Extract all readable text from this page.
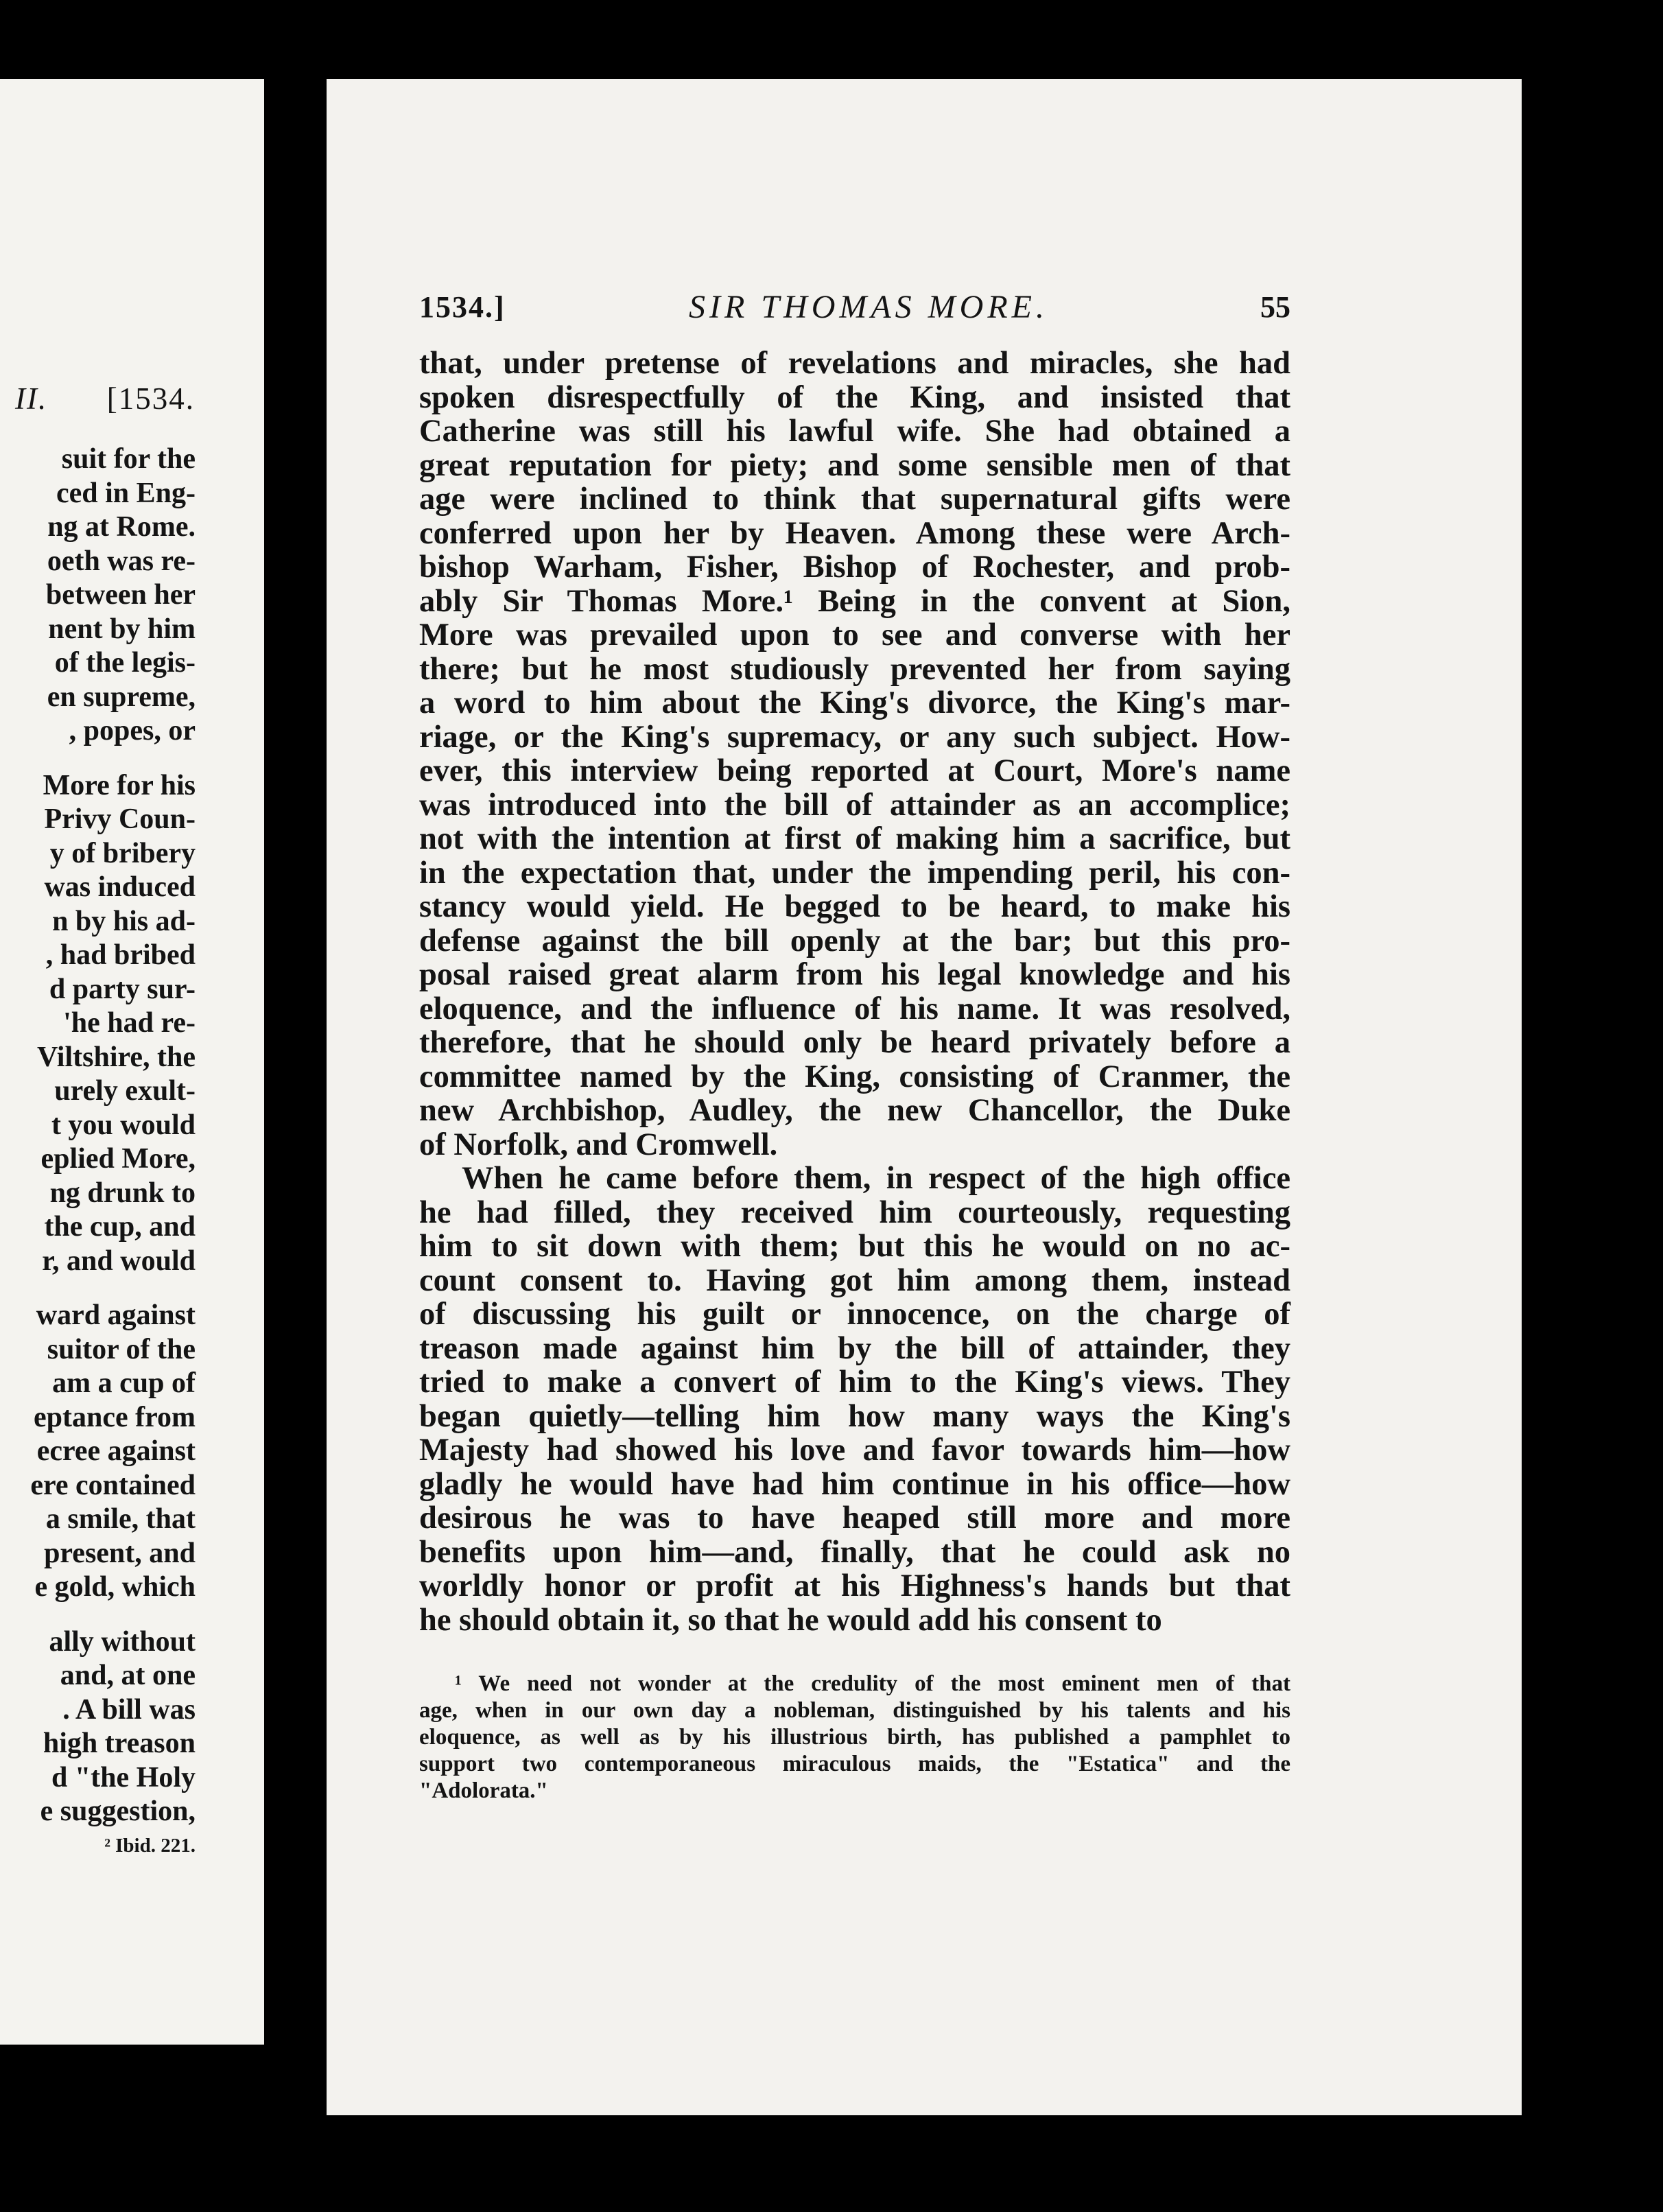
II. [1534.
suit for the
ced in Eng-
ng at Rome.
oeth was re-
between her
nent by him
of the legis-
en supreme,
, popes, or
More for his
Privy Coun-
y of bribery
was induced
n by his ad-
, had bribed
d party sur-
'he had re-
Viltshire, the
urely exult-
t you would
eplied More,
ng drunk to
the cup, and
r, and would
ward against
suitor of the
am a cup of
eptance from
ecree against
ere contained
a smile, that
present, and
e gold, which
ally without
and, at one
. A bill was
high treason
d "the Holy
e suggestion,
² Ibid. 221.
1534.]	SIR THOMAS MORE.	55
that, under pretense of revelations and miracles, she had
spoken disrespectfully of the King, and insisted that
Catherine was still his lawful wife. She had obtained a
great reputation for piety; and some sensible men of that
age were inclined to think that supernatural gifts were
conferred upon her by Heaven. Among these were Arch-
bishop Warham, Fisher, Bishop of Rochester, and prob-
ably Sir Thomas More.¹ Being in the convent at Sion,
More was prevailed upon to see and converse with her
there; but he most studiously prevented her from saying
a word to him about the King's divorce, the King's mar-
riage, or the King's supremacy, or any such subject. How-
ever, this interview being reported at Court, More's name
was introduced into the bill of attainder as an accomplice;
not with the intention at first of making him a sacrifice, but
in the expectation that, under the impending peril, his con-
stancy would yield. He begged to be heard, to make his
defense against the bill openly at the bar; but this pro-
posal raised great alarm from his legal knowledge and his
eloquence, and the influence of his name. It was resolved,
therefore, that he should only be heard privately before a
committee named by the King, consisting of Cranmer, the
new Archbishop, Audley, the new Chancellor, the Duke
of Norfolk, and Cromwell.
When he came before them, in respect of the high office
he had filled, they received him courteously, requesting
him to sit down with them; but this he would on no ac-
count consent to. Having got him among them, instead
of discussing his guilt or innocence, on the charge of
treason made against him by the bill of attainder, they
tried to make a convert of him to the King's views. They
began quietly—telling him how many ways the King's
Majesty had showed his love and favor towards him—how
gladly he would have had him continue in his office—how
desirous he was to have heaped still more and more
benefits upon him—and, finally, that he could ask no
worldly honor or profit at his Highness's hands but that
he should obtain it, so that he would add his consent to
¹ We need not wonder at the credulity of the most eminent men of that
age, when in our own day a nobleman, distinguished by his talents and his
eloquence, as well as by his illustrious birth, has published a pamphlet to
support two contemporaneous miraculous maids, the "Estatica" and the
"Adolorata."
